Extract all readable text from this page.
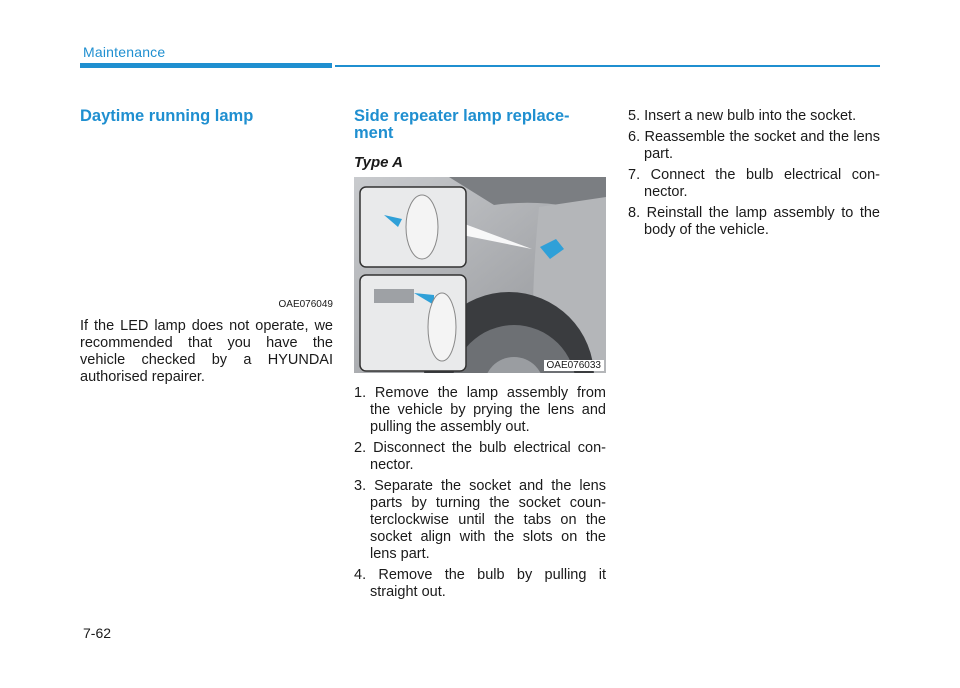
Maintenance
Daytime running lamp
OAE076049

If the LED lamp does not operate, we recommended that you have the vehicle checked by a HYUNDAI authorised repairer.

Side repeater lamp replace-ment
Type A
OAE076033
1. Remove the lamp assembly from the vehicle by prying the lens and pulling the assembly out.
2. Disconnect the bulb electrical con-nector.
3. Separate the socket and the lens parts by turning the socket coun-terclockwise until the tabs on the socket align with the slots on the lens part.
4. Remove the bulb by pulling it straight out.
5. Insert a new bulb into the socket.
6. Reassemble the socket and the lens part.
7. Connect the bulb electrical con-nector.
8. Reinstall the lamp assembly to the body of the vehicle.
7-62
